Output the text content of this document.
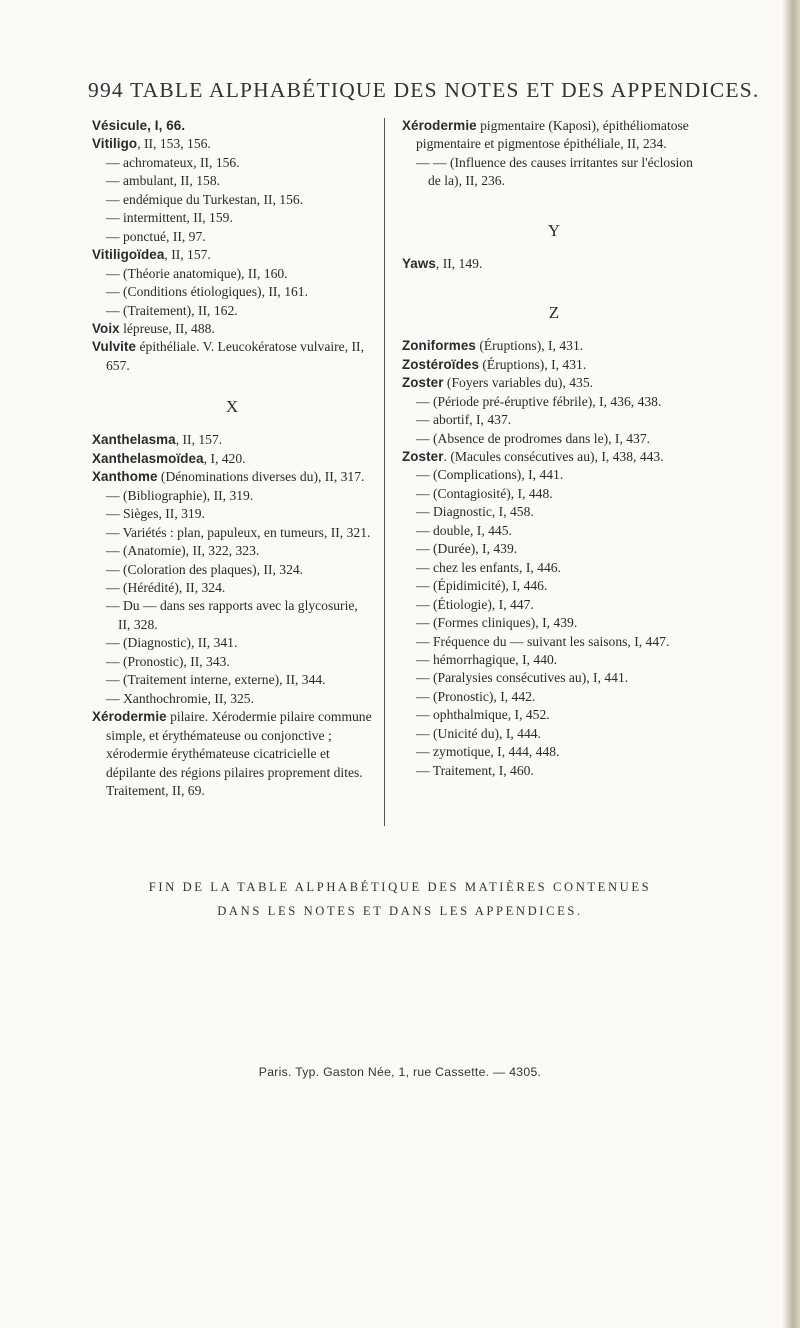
994 TABLE ALPHABÉTIQUE DES NOTES ET DES APPENDICES.
Vésicule, I, 66.
Vitiligo, II, 153, 156.
— achromateux, II, 156.
— ambulant, II, 158.
— endémique du Turkestan, II, 156.
— intermittent, II, 159.
— ponctué, II, 97.
Vitiligoïdea, II, 157.
— (Théorie anatomique), II, 160.
— (Conditions étiologiques), II, 161.
— (Traitement), II, 162.
Voix lépreuse, II, 488.
Vulvite épithéliale. V. Leucokératose vulvaire, II, 657.
X
Xanthelasma, II, 157.
Xanthelasmoïdea, I, 420.
Xanthome (Dénominations diverses du), II, 317.
— (Bibliographie), II, 319.
— Sièges, II, 319.
— Variétés : plan, papuleux, en tumeurs, II, 321.
— (Anatomie), II, 322, 323.
— (Coloration des plaques), II, 324.
— (Hérédité), II, 324.
— Du — dans ses rapports avec la glycosurie, II, 328.
— (Diagnostic), II, 341.
— (Pronostic), II, 343.
— (Traitement interne, externe), II, 344.
— Xanthochromie, II, 325.
Xérodermie pilaire. Xérodermie pilaire commune simple, et érythémateuse ou conjonctive ; xérodermie érythémateuse cicatricielle et dépilante des régions pilaires proprement dites. Traitement, II, 69.
Xérodermie pigmentaire (Kaposi), épithéliomatose pigmentaire et pigmentose épithéliale, II, 234.
— — (Influence des causes irritantes sur l'éclosion de la), II, 236.
Y
Yaws, II, 149.
Z
Zoniformes (Éruptions), I, 431.
Zostéroïdes (Éruptions), I, 431.
Zoster (Foyers variables du), 435.
— (Période pré-éruptive fébrile), I, 436, 438.
— abortif, I, 437.
— (Absence de prodromes dans le), I, 437.
Zoster. (Macules consécutives au), I, 438, 443.
— (Complications), I, 441.
— (Contagiosité), I, 448.
— Diagnostic, I, 458.
— double, I, 445.
— (Durée), I, 439.
— chez les enfants, I, 446.
— (Épidimicité), I, 446.
— (Étiologie), I, 447.
— (Formes cliniques), I, 439.
— Fréquence du — suivant les saisons, I, 447.
— hémorrhagique, I, 440.
— (Paralysies consécutives au), I, 441.
— (Pronostic), I, 442.
— ophthalmique, I, 452.
— (Unicité du), I, 444.
— zymotique, I, 444, 448.
— Traitement, I, 460.
FIN DE LA TABLE ALPHABÉTIQUE DES MATIÈRES CONTENUES
DANS LES NOTES ET DANS LES APPENDICES.
Paris. Typ. Gaston Née, 1, rue Cassette. — 4305.
